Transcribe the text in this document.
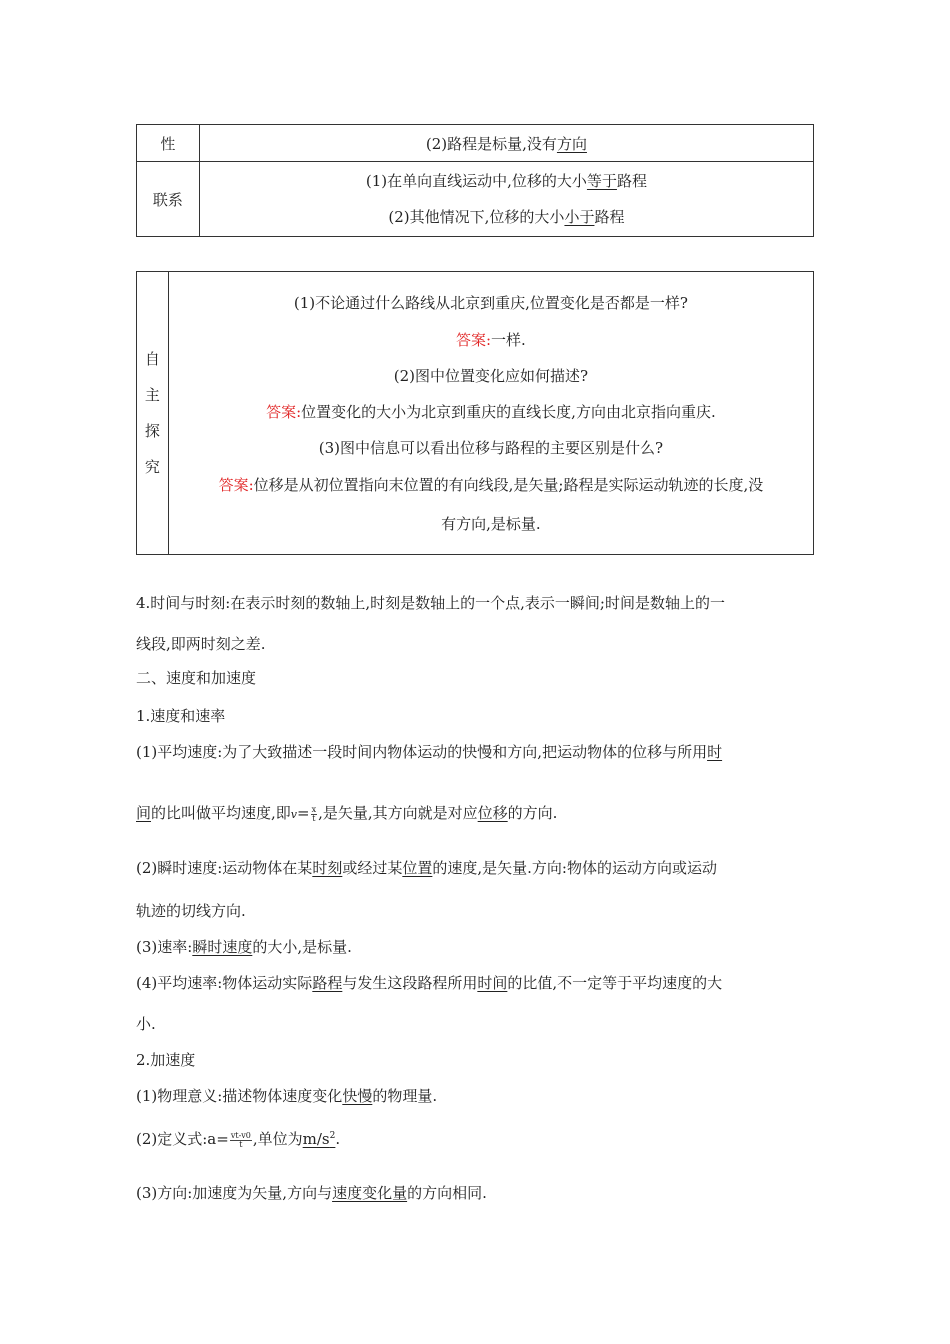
性	(2)路程是标量,没有方向
联系	(1)在单向直线运动中,位移的大小等于路程
(2)其他情况下,位移的大小小于路程
自
主
探
究

(1)不论通过什么路线从北京到重庆,位置变化是否都是一样?
答案:一样.
(2)图中位置变化应如何描述?
答案:位置变化的大小为北京到重庆的直线长度,方向由北京指向重庆.
(3)图中信息可以看出位移与路程的主要区别是什么?
答案:位移是从初位置指向末位置的有向线段,是矢量;路程是实际运动轨迹的长度,没
有方向,是标量.
4.时间与时刻:在表示时刻的数轴上,时刻是数轴上的一个点,表示一瞬间;时间是数轴上的一
线段,即两时刻之差.
二、速度和加速度
1.速度和速率
(1)平均速度:为了大致描述一段时间内物体运动的快慢和方向,把运动物体的位移与所用时
间的比叫做平均速度,即$v= \frac{x}{t}$ ,是矢量,其方向就是对应位移的方向.
(2)瞬时速度:运动物体在某时刻或经过某位置的速度,是矢量.方向:物体的运动方向或运动
轨迹的切线方向.
(3)速率:瞬时速度的大小,是标量.
(4)平均速率:物体运动实际路程与发生这段路程所用时间的比值,不一定等于平均速度的大
小.
2.加速度
(1)物理意义:描述物体速度变化快慢的物理量.
(2)定义式:a= $\frac{vt-v0}{t}$ ,单位为$m/s^2$.
(3)方向:加速度为矢量,方向与速度变化量的方向相同.
